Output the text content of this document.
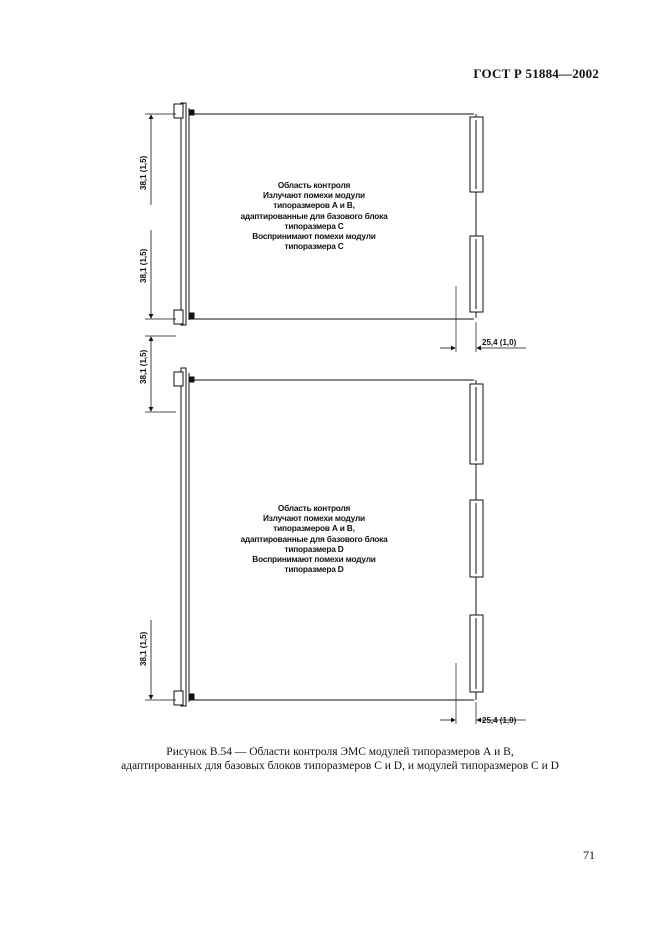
ГОСТ Р 51884—2002
Область контроля
Излучают помехи модули
типоразмеров А и В,
адаптированные для базового блока
типоразмера С
Воспринимают помехи модули
типоразмера С
38,1 (1,5)
38,1 (1,5)
25,4 (1,0)
Область контроля
Излучают помехи модули
типоразмеров А и В,
адаптированные для базового блока
типоразмера D
Воспринимают помехи модули
типоразмера D
38,1 (1,5)
38,1 (1,5)
25,4 (1,0)
Рисунок В.54 — Области контроля ЭМС модулей типоразмеров А и В,
адаптированных для базовых блоков типоразмеров С и D, и модулей типоразмеров С и D
71
